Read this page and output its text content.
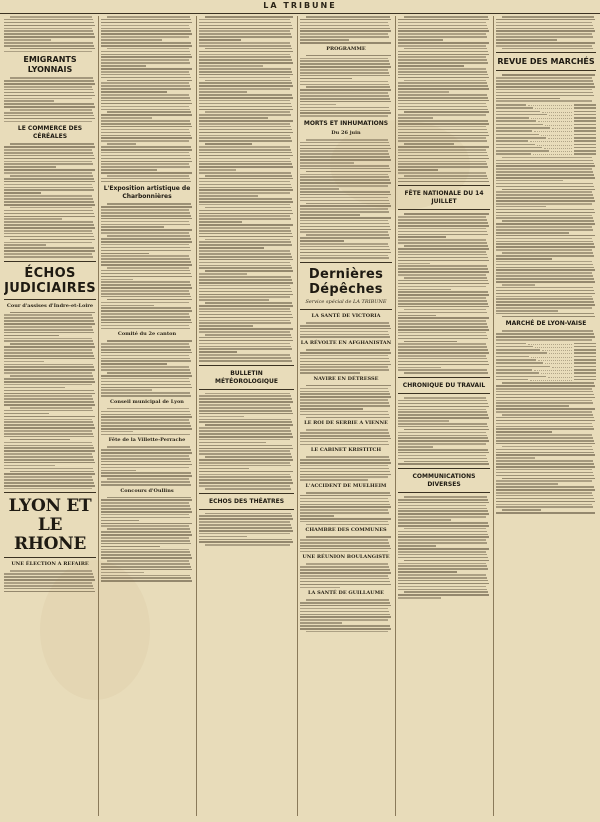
LA TRIBUNE
EMIGRANTS LYONNAIS
LE COMMERCE DES CÉRÉALES
ÉCHOS JUDICIAIRES
Cour d'assises d'Indre-et-Loire
LYON ET LE RHONE
UNE ÉLECTION A REFAIRE
L'Exposition artistique de Charbonnières
Comité du 2e canton
Conseil municipal de Lyon
Fête de la Villette-Perrache
Concours d'Oullins
BULLETIN MÉTÉOROLOGIQUE
ECHOS DES THÉATRES
PROGRAMME
MORTS ET INHUMATIONS
Du 26 juin
Dernières Dépêches
Service spécial de LA TRIBUNE
LA SANTÉ DE VICTORIA
LA RÉVOLTE EN AFGHANISTAN
NAVIRE EN DÉTRESSE
LE ROI DE SERBIE A VIENNE
LE CABINET KRISTITCH
L'ACCIDENT DE MUELHEIM
CHAMBRE DES COMMUNES
UNE RÉUNION BOULANGISTE
LA SANTÉ DE GUILLAUME
FÊTE NATIONALE DU 14 JUILLET
CHRONIQUE DU TRAVAIL
COMMUNICATIONS DIVERSES
REVUE DES MARCHÉS
MARCHÉ DE LYON-VAISE
